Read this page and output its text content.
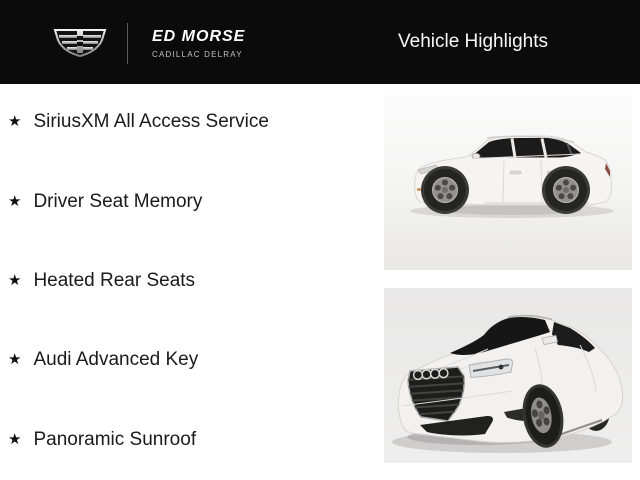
ED MORSE
CADILLAC DELRAY
Vehicle Highlights
★ SiriusXM All Access Service
★ Driver Seat Memory
★ Heated Rear Seats
★ Audi Advanced Key
★ Panoramic Sunroof
